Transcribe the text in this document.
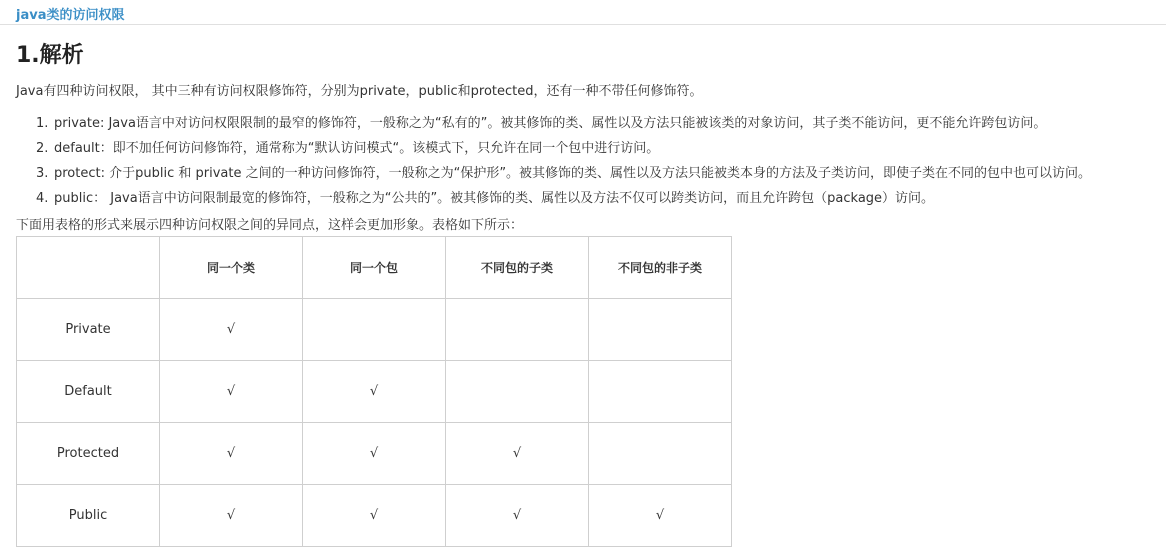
java类的访问权限
1.解析
Java有四种访问权限， 其中三种有访问权限修饰符，分别为private，public和protected，还有一种不带任何修饰符。
1. private: Java语言中对访问权限限制的最窄的修饰符，一般称之为“私有的”。被其修饰的类、属性以及方法只能被该类的对象访问，其子类不能访问，更不能允许跨包访问。
2. default：即不加任何访问修饰符，通常称为“默认访问模式“。该模式下，只允许在同一个包中进行访问。
3. protect: 介于public 和 private 之间的一种访问修饰符，一般称之为“保护形”。被其修饰的类、属性以及方法只能被类本身的方法及子类访问，即使子类在不同的包中也可以访问。
4. public： Java语言中访问限制最宽的修饰符，一般称之为“公共的”。被其修饰的类、属性以及方法不仅可以跨类访问，而且允许跨包（package）访问。
下面用表格的形式来展示四种访问权限之间的异同点，这样会更加形象。表格如下所示：
	同一个类	同一个包	不同包的子类	不同包的非子类
Private	√			
Default	√	√		
Protected	√	√	√	
Public	√	√	√	√
